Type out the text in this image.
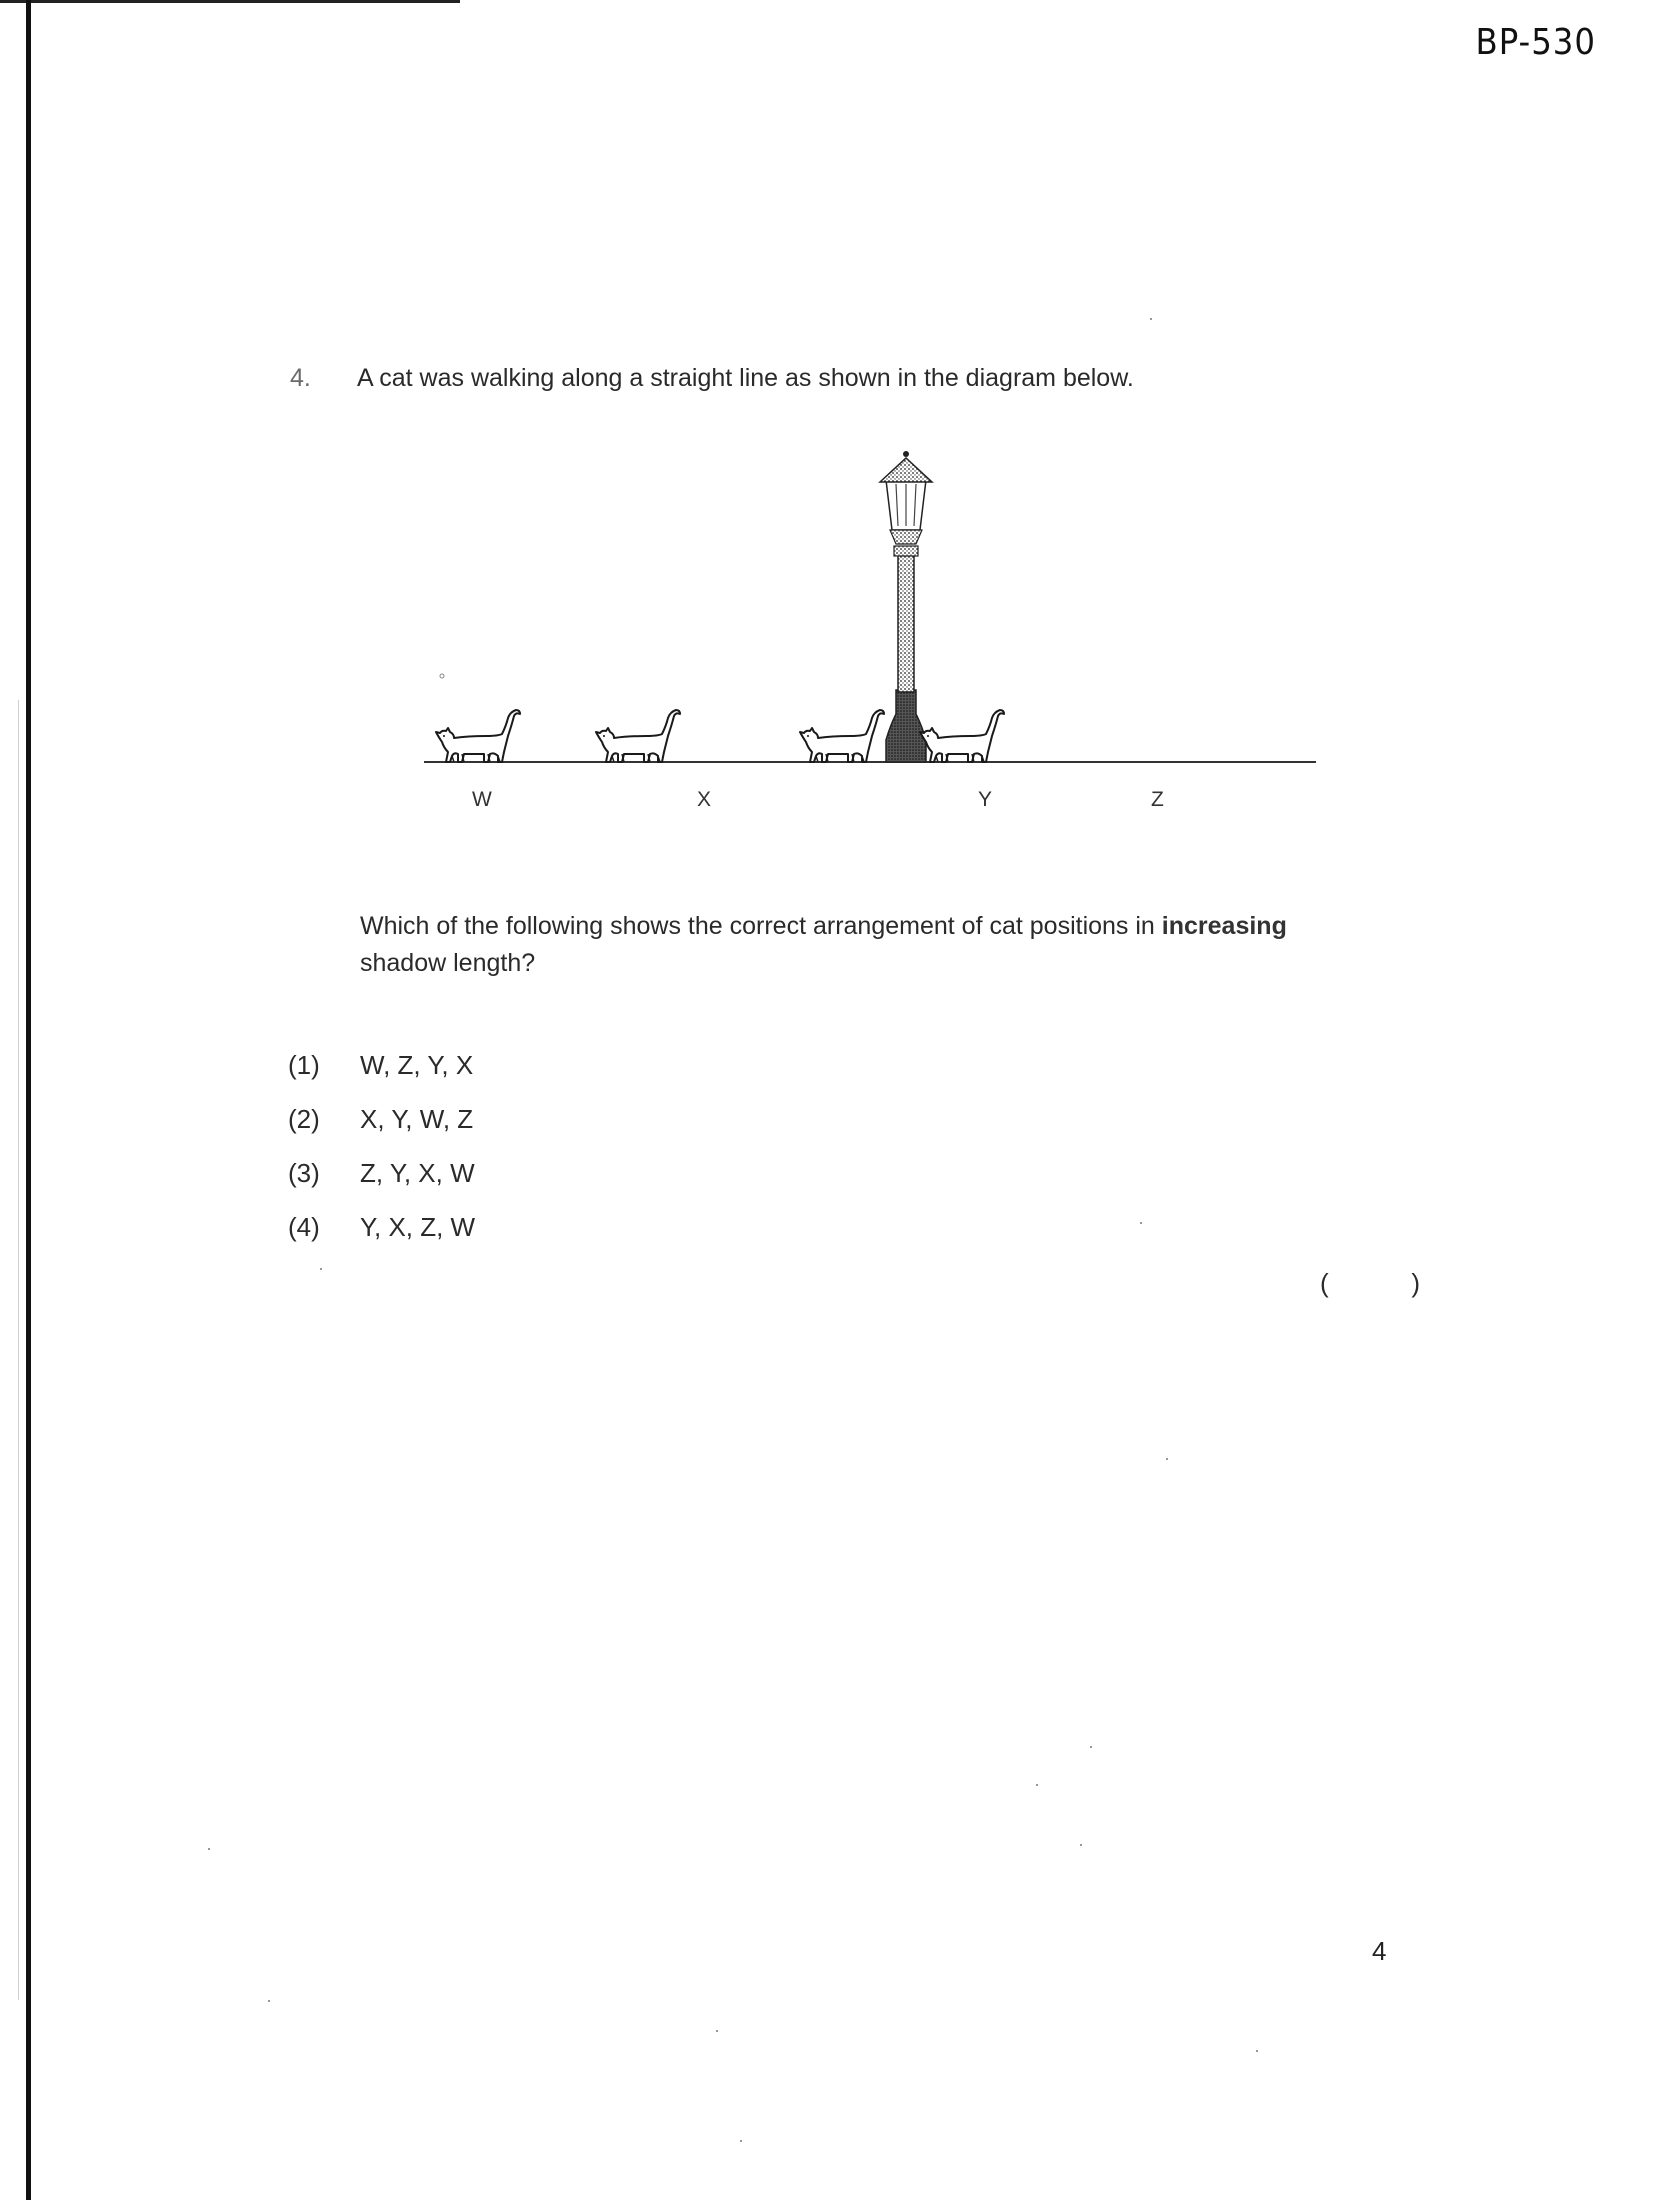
BP-530
4. A cat was walking along a straight line as shown in the diagram below.
W	X	Y	Z
Which of the following shows the correct arrangement of cat positions in increasing shadow length?
(1)	W, Z, Y, X
(2)	X, Y, W, Z
(3)	Z, Y, X, W
(4)	Y, X, Z, W
(	)
4
